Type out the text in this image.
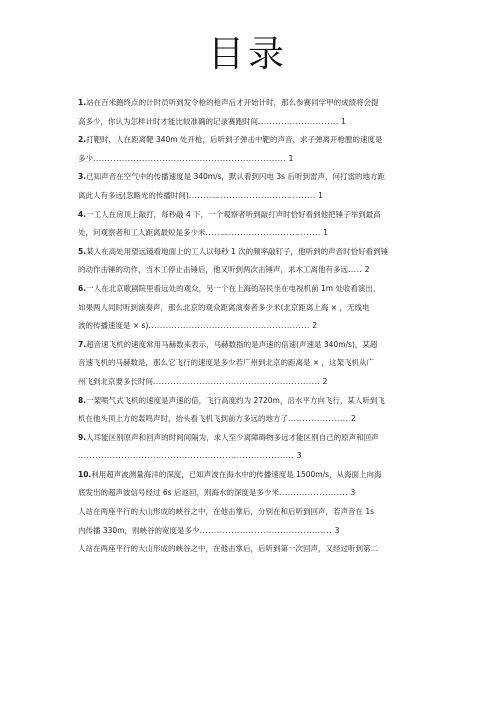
目录
1.站在百米跑终点的计时员听到发令枪的枪声后才开始计时，那么参赛同学甲的成绩将会提
高多少，你认为怎样计时才能比较准确的记录赛跑时间............................ 1
2.打靶时，人在距离靶 340m 处开枪，后听到子弹击中靶的声音，求子弹离开枪膛的速度是
多少................................................................... 1
3.已知声音在空气中的传播速度是 340m/s，默认看到闪电 3s 后听到雷声，问打雷的地方距
离此人有多远(忽略光的传播时间)............................................ 1
4.一工人在房顶上敲打，每秒敲 4 下，一个观察者听到敲打声时恰好看到他把锤子举到最高
处，问观察者和工人距离最短是多少米........................................ 1
5.某人在高处用望远镜看地面上的工人以每秒 1 次的频率敲钉子，他听到的声音时恰好看到锤
的动作击锤的动作，当木工停止击锤后，他又听到两次击锤声，求木工离他有多远..... 2
6.一人在北京歌剧院里看远处的观众，另一个在上海的居民坐在电视机前 1m 处收看演出，
如果两人同时听到演奏声，那么北京的观众距离演奏者多少米(北京距离上海 × ，无线电
波的传播速度是 × s)........................................................ 2
7.超音速飞机的速度常用马赫数来表示，马赫数指的是声速的倍速(声速是 340m/s)，某超
音速飞机的马赫数是，那么它飞行的速度是多少若广州到北京的距离是 × ，这架飞机从广
州飞到北京要多长时间.......................................................... 2
8.一架喷气式飞机的速度是声速的倍，飞行高度约为 2720m，沿水平方向飞行，某人听到飞
机在他头顶上方的轰鸣声时，抬头看飞机飞到前方多远的地方了..................... 2
9.人耳能区别原声和回声的时间间隔为，求人至少离障碍物多远才能区别自己的原声和回声
........................................................................... 3
10.利用超声波测量海洋的深度，已知声波在海水中的传播速度是 1500m/s，从海面上向海
底发出的超声波信号经过 6s 后返回，则海水的深度是多少米........................ 3
人站在两座平行的大山形成的峡谷之中，在他击掌后，分别在和后听到回声，若声音在 1s
内传播 330m，则峡谷的宽度是多少.............................................. 3
人站在两座平行的大山形成的峡谷之中，在他击掌后，后听到第一次回声，又经过听到第二
